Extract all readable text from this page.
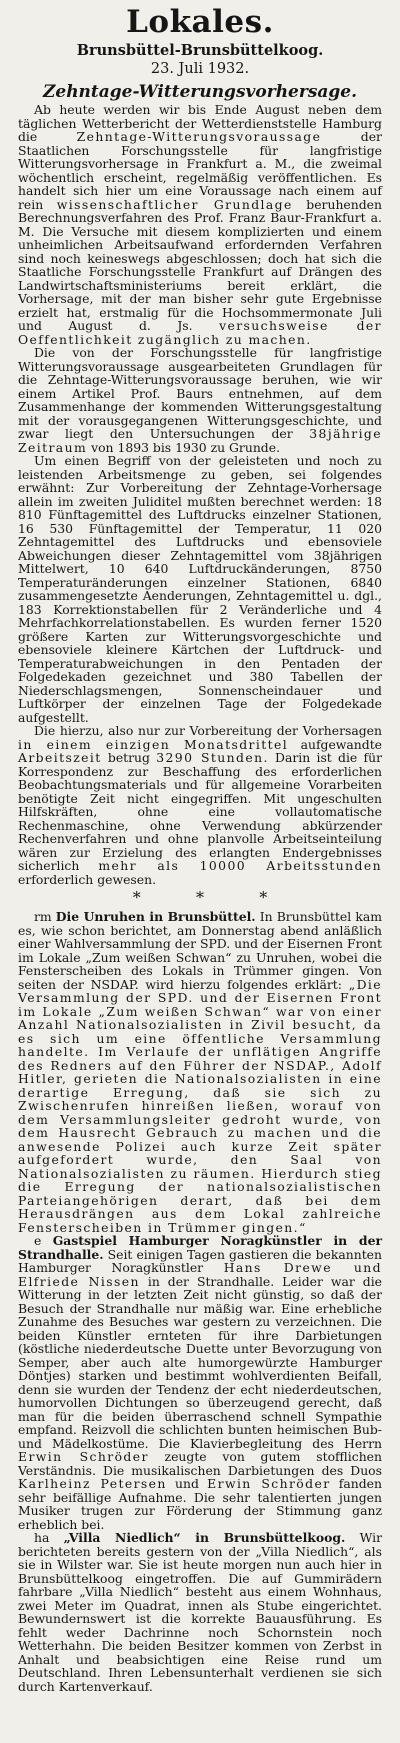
Lokales.
Brunsbüttel-Brunsbüttelkoog.
23. Juli 1932.
Zehntage-Witterungsvorhersage.

Ab heute werden wir bis Ende August neben dem täglichen Wetterbericht der Wetterdienststelle Hamburg die Zehntage-Witterungsvoraussage der Staatlichen Forschungsstelle für langfristige Witterungsvorhersage in Frankfurt a. M., die zweimal wöchentlich erscheint, regelmäßig veröffentlichen. Es handelt sich hier um eine Voraussage nach einem auf rein wissenschaftlicher Grundlage beruhenden Berechnungsverfahren des Prof. Franz Baur-Frankfurt a. M. Die Versuche mit diesem komplizierten und einem unheimlichen Arbeitsaufwand erfordernden Verfahren sind noch keineswegs abgeschlossen; doch hat sich die Staatliche Forschungsstelle Frankfurt auf Drängen des Landwirtschaftsministeriums bereit erklärt, die Vorhersage, mit der man bisher sehr gute Ergebnisse erzielt hat, erstmalig für die Hochsommermonate Juli und August d. Js. versuchsweise der Oeffentlichkeit zugänglich zu machen.

Die von der Forschungsstelle für langfristige Witterungsvoraussage ausgearbeiteten Grundlagen für die Zehntage-Witterungsvoraussage beruhen, wie wir einem Artikel Prof. Baurs entnehmen, auf dem Zusammenhange der kommenden Witterungsgestaltung mit der vorausgegangenen Witterungsgeschichte, und zwar liegt den Untersuchungen der 38jährige Zeitraum von 1893 bis 1930 zu Grunde.

Um einen Begriff von der geleisteten und noch zu leistenden Arbeitsmenge zu geben, sei folgendes erwähnt: Zur Vorbereitung der Zehntage-Vorhersage allein im zweiten Juliditel mußten berechnet werden: 18 810 Fünftagemittel des Luftdrucks einzelner Stationen, 16 530 Fünftagemittel der Temperatur, 11 020 Zehntagemittel des Luftdrucks und ebensoviele Abweichungen dieser Zehntagemittel vom 38jährigen Mittelwert, 10 640 Luftdruckänderungen, 8750 Temperaturänderungen einzelner Stationen, 6840 zusammengesetzte Aenderungen, Zehntagemittel u. dgl., 183 Korrektionstabellen für 2 Veränderliche und 4 Mehrfachkorrelationstabellen. Es wurden ferner 1520 größere Karten zur Witterungsvorgeschichte und ebensoviele kleinere Kärtchen der Luftdruck- und Temperaturabweichungen in den Pentaden der Folgedekaden gezeichnet und 380 Tabellen der Niederschlagsmengen, Sonnenscheindauer und Luftkörper der einzelnen Tage der Folgedekade aufgestellt.

Die hierzu, also nur zur Vorbereitung der Vorhersagen in einem einzigen Monatsdrittel aufgewandte Arbeitszeit betrug 3290 Stunden. Darin ist die für Korrespondenz zur Beschaffung des erforderlichen Beobachtungsmaterials und für allgemeine Vorarbeiten benötigte Zeit nicht eingegriffen. Mit ungeschulten Hilfskräften, ohne eine vollautomatische Rechenmaschine, ohne Verwendung abkürzender Rechenverfahren und ohne planvolle Arbeitseinteilung wären zur Erzielung des erlangten Endergebnisses sicherlich mehr als 10000 Arbeitsstunden erforderlich gewesen.

* * *

rm Die Unruhen in Brunsbüttel. In Brunsbüttel kam es, wie schon berichtet, am Donnerstag abend anläßlich einer Wahlversammlung der SPD. und der Eisernen Front im Lokale „Zum weißen Schwan“ zu Unruhen, wobei die Fensterscheiben des Lokals in Trümmer gingen. Von seiten der NSDAP. wird hierzu folgendes erklärt: „Die Versammlung der SPD. und der Eisernen Front im Lokale „Zum weißen Schwan“ war von einer Anzahl Nationalsozialisten in Zivil besucht, da es sich um eine öffentliche Versammlung handelte. Im Verlaufe der unflätigen Angriffe des Redners auf den Führer der NSDAP., Adolf Hitler, gerieten die Nationalsozialisten in eine derartige Erregung, daß sie sich zu Zwischenrufen hinreißen ließen, worauf von dem Versammlungsleiter gedroht wurde, von dem Hausrecht Gebrauch zu machen und die anwesende Polizei auch kurze Zeit später aufgefordert wurde, den Saal von Nationalsozialisten zu räumen. Hierdurch stieg die Erregung der nationalsozialistischen Parteiangehörigen derart, daß bei dem Herausdrängen aus dem Lokal zahlreiche Fensterscheiben in Trümmer gingen.“

e Gastspiel Hamburger Noragkünstler in der Strandhalle. Seit einigen Tagen gastieren die bekannten Hamburger Noragkünstler Hans Drewe und Elfriede Nissen in der Strandhalle. Leider war die Witterung in der letzten Zeit nicht günstig, so daß der Besuch der Strandhalle nur mäßig war. Eine erhebliche Zunahme des Besuches war gestern zu verzeichnen. Die beiden Künstler ernteten für ihre Darbietungen (köstliche niederdeutsche Duette unter Bevorzugung von Semper, aber auch alte humorgewürzte Hamburger Döntjes) starken und bestimmt wohlverdienten Beifall, denn sie wurden der Tendenz der echt niederdeutschen, humorvollen Dichtungen so überzeugend gerecht, daß man für die beiden überraschend schnell Sympathie empfand. Reizvoll die schlichten bunten heimischen Bub- und Mädelkostüme. Die Klavierbegleitung des Herrn Erwin Schröder zeugte von gutem stofflichen Verständnis. Die musikalischen Darbietungen des Duos Karlheinz Petersen und Erwin Schröder fanden sehr beifällige Aufnahme. Die sehr talentierten jungen Musiker trugen zur Förderung der Stimmung ganz erheblich bei.

ha „Villa Niedlich“ in Brunsbüttelkoog. Wir berichteten bereits gestern von der „Villa Niedlich“, als sie in Wilster war. Sie ist heute morgen nun auch hier in Brunsbüttelkoog eingetroffen. Die auf Gummirädern fahrbare „Villa Niedlich“ besteht aus einem Wohnhaus, zwei Meter im Quadrat, innen als Stube eingerichtet. Bewundernswert ist die korrekte Bauausführung. Es fehlt weder Dachrinne noch Schornstein noch Wetterhahn. Die beiden Besitzer kommen von Zerbst in Anhalt und beabsichtigen eine Reise rund um Deutschland. Ihren Lebensunterhalt verdienen sie sich durch Kartenverkauf.
